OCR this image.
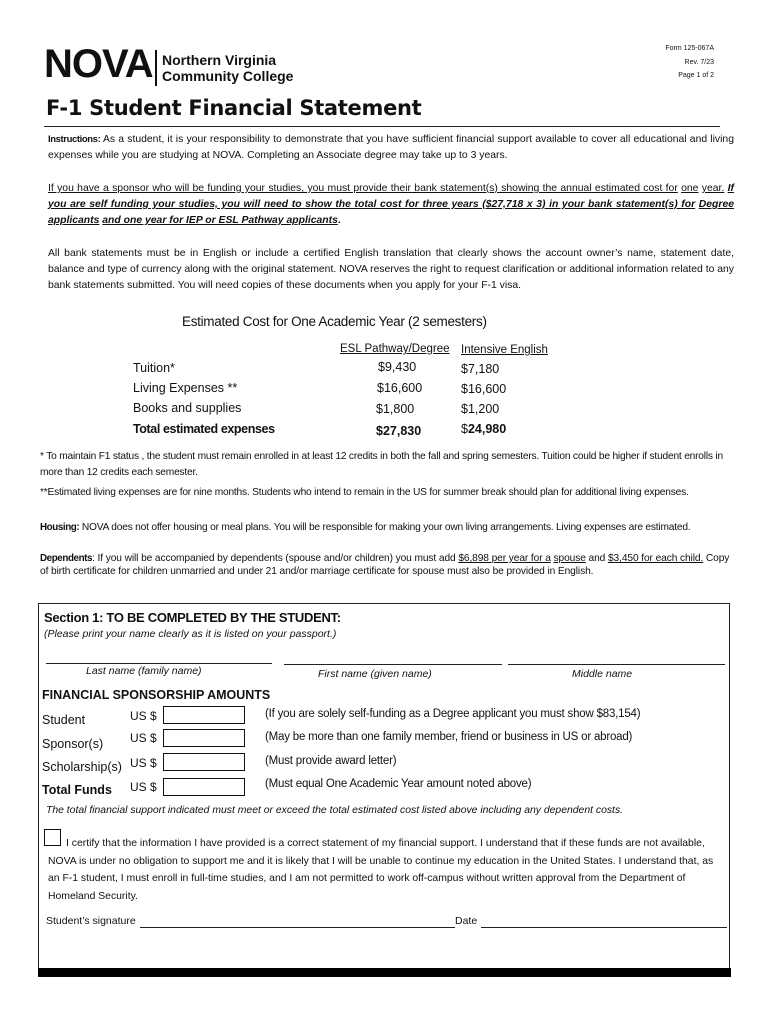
NOVA Northern Virginia
Community College
Form 125-067A
Rev. 7/23
Page 1 of 2
F-1 Student Financial Statement
Instructions: As a student, it is your responsibility to demonstrate that you have sufficient financial support available to cover all educational and living expenses while you are studying at NOVA. Completing an Associate degree may take up to 3 years.
If you have a sponsor who will be funding your studies, you must provide their bank statement(s) showing the annual estimated cost for one year. If you are self funding your studies, you will need to show the total cost for three years ($27,718 x 3) in your bank statement(s) for Degree applicants and one year for IEP or ESL Pathway applicants.
All bank statements must be in English or include a certified English translation that clearly shows the account owner’s name, statement date, balance and type of currency along with the original statement. NOVA reserves the right to request clarification or additional information related to any bank statements submitted. You will need copies of these documents when you apply for your F-1 visa.
Estimated Cost for One Academic Year (2 semesters)
ESL Pathway/Degree Intensive English
Tuition*	$9,430	$7,180
Living Expenses **	$16,600	$16,600
Books and supplies	$1,800	$1,200
Total estimated expenses	$27,830	$24,980
* To maintain F1 status , the student must remain enrolled in at least 12 credits in both the fall and spring semesters. Tuition could be higher if student enrolls in more than 12 credits each semester.
**Estimated living expenses are for nine months. Students who intend to remain in the US for summer break should plan for additional living expenses.
Housing: NOVA does not offer housing or meal plans. You will be responsible for making your own living arrangements. Living expenses are estimated.
Dependents: If you will be accompanied by dependents (spouse and/or children) you must add $6,898 per year for a spouse and $3,450 for each child. Copy of birth certificate for children unmarried and under 21 and/or marriage certificate for spouse must also be provided in English.
Section 1: TO BE COMPLETED BY THE STUDENT:
(Please print your name clearly as it is listed on your passport.)
Last name (family name)	First name (given name)	Middle name
FINANCIAL SPONSORSHIP AMOUNTS
Student	US $	(If you are solely self-funding as a Degree applicant you must show $83,154)
Sponsor(s) US $	(May be more than one family member, friend or business in US or abroad)
Scholarship(s) US $	(Must provide award letter)
Total Funds US $	(Must equal One Academic Year amount noted above)
The total financial support indicated must meet or exceed the total estimated cost listed above including any dependent costs.
I certify that the information I have provided is a correct statement of my financial support. I understand that if these funds are not available, NOVA is under no obligation to support me and it is likely that I will be unable to continue my education in the United States. I understand that, as an F-1 student, I must enroll in full-time studies, and I am not permitted to work off-campus without written approval from the Department of Homeland Security.
Student’s signature	Date
